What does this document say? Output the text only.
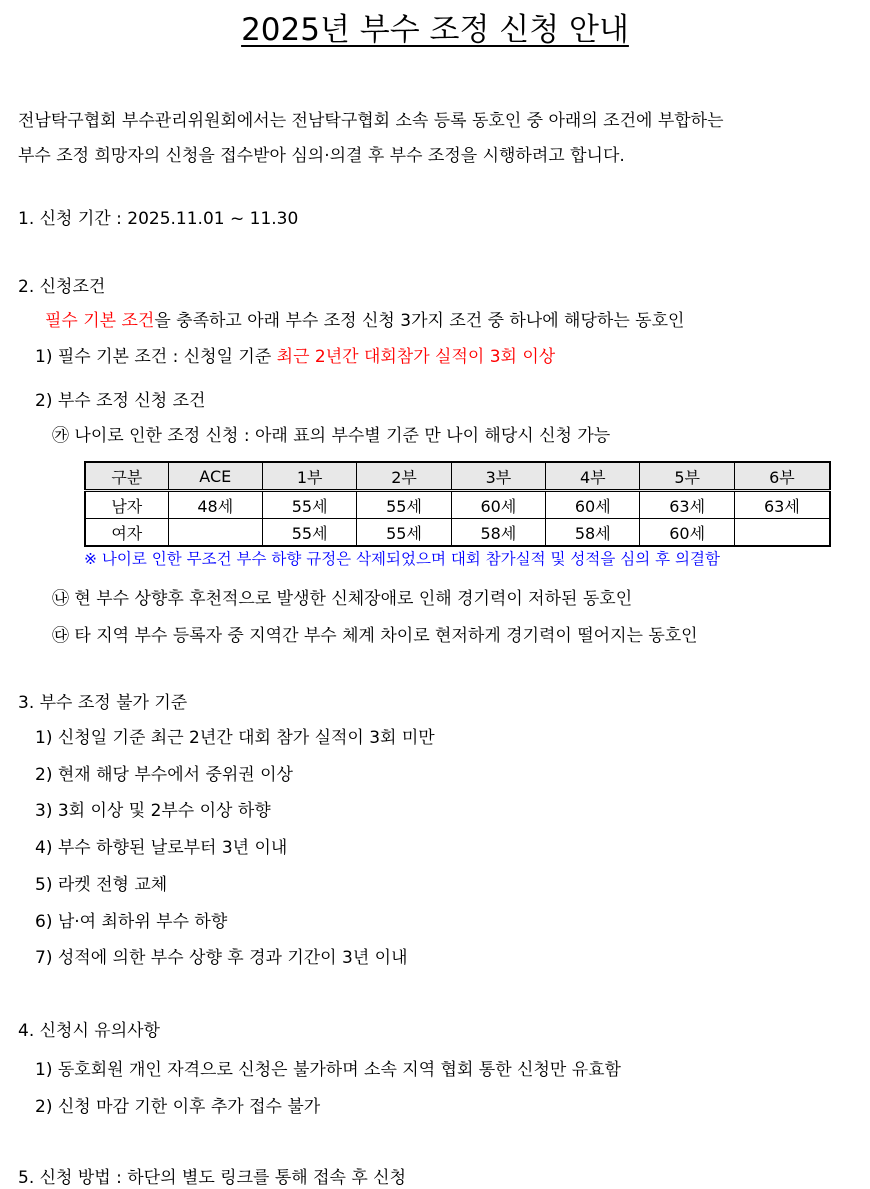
2025년 부수 조정 신청 안내
전남탁구협회 부수관리위원회에서는 전남탁구협회 소속 등록 동호인 중 아래의 조건에 부합하는
부수 조정 희망자의 신청을 접수받아 심의·의결 후 부수 조정을 시행하려고 합니다.
1. 신청 기간 : 2025.11.01 ~ 11.30
2. 신청조건
필수 기본 조건을 충족하고 아래 부수 조정 신청 3가지 조건 중 하나에 해당하는 동호인
1) 필수 기본 조건 : 신청일 기준 최근 2년간 대회참가 실적이 3회 이상
2) 부수 조정 신청 조건
㉮ 나이로 인한 조정 신청 : 아래 표의 부수별 기준 만 나이 해당시 신청 가능
구분	ACE	1부	2부	3부	4부	5부	6부
남자	48세	55세	55세	60세	60세	63세	63세
여자		55세	55세	58세	58세	60세	
※ 나이로 인한 무조건 부수 하향 규정은 삭제되었으며 대회 참가실적 및 성적을 심의 후 의결함
㉯ 현 부수 상향후 후천적으로 발생한 신체장애로 인해 경기력이 저하된 동호인
㉰ 타 지역 부수 등록자 중 지역간 부수 체계 차이로 현저하게 경기력이 떨어지는 동호인
3. 부수 조정 불가 기준
1) 신청일 기준 최근 2년간 대회 참가 실적이 3회 미만
2) 현재 해당 부수에서 중위권 이상
3) 3회 이상 및 2부수 이상 하향
4) 부수 하향된 날로부터 3년 이내
5) 라켓 전형 교체
6) 남·여 최하위 부수 하향
7) 성적에 의한 부수 상향 후 경과 기간이 3년 이내
4. 신청시 유의사항
1) 동호회원 개인 자격으로 신청은 불가하며 소속 지역 협회 통한 신청만 유효함
2) 신청 마감 기한 이후 추가 접수 불가
5. 신청 방법 : 하단의 별도 링크를 통해 접속 후 신청
